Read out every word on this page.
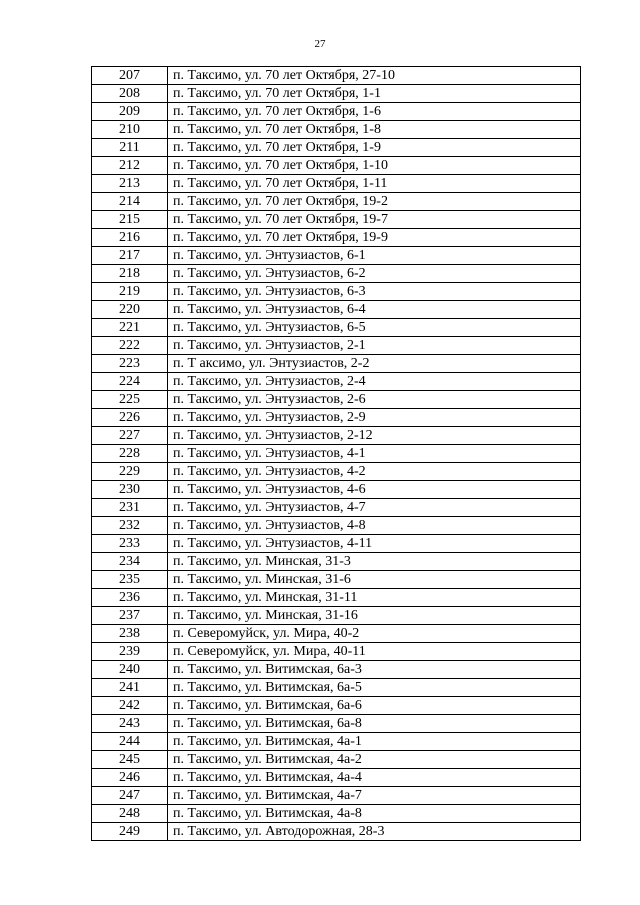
27
207	п. Таксимо, ул. 70 лет Октября, 27-10
208	п. Таксимо, ул. 70 лет Октября, 1-1
209	п. Таксимо, ул. 70 лет Октября, 1-6
210	п. Таксимо, ул. 70 лет Октября, 1-8
211	п. Таксимо, ул. 70 лет Октября, 1-9
212	п. Таксимо, ул. 70 лет Октября, 1-10
213	п. Таксимо, ул. 70 лет Октября, 1-11
214	п. Таксимо, ул. 70 лет Октября, 19-2
215	п. Таксимо, ул. 70 лет Октября, 19-7
216	п. Таксимо, ул. 70 лет Октября, 19-9
217	п. Таксимо, ул. Энтузиастов, 6-1
218	п. Таксимо, ул. Энтузиастов, 6-2
219	п. Таксимо, ул. Энтузиастов, 6-3
220	п. Таксимо, ул. Энтузиастов, 6-4
221	п. Таксимо, ул. Энтузиастов, 6-5
222	п. Таксимо, ул. Энтузиастов, 2-1
223	п. Т аксимо, ул. Энтузиастов, 2-2
224	п. Таксимо, ул. Энтузиастов, 2-4
225	п. Таксимо, ул. Энтузиастов, 2-6
226	п. Таксимо, ул. Энтузиастов, 2-9
227	п. Таксимо, ул. Энтузиастов, 2-12
228	п. Таксимо, ул. Энтузиастов, 4-1
229	п. Таксимо, ул. Энтузиастов, 4-2
230	п. Таксимо, ул. Энтузиастов, 4-6
231	п. Таксимо, ул. Энтузиастов, 4-7
232	п. Таксимо, ул. Энтузиастов, 4-8
233	п. Таксимо, ул. Энтузиастов, 4-11
234	п. Таксимо, ул. Минская, 31-3
235	п. Таксимо, ул. Минская, 31-6
236	п. Таксимо, ул. Минская, 31-11
237	п. Таксимо, ул. Минская, 31-16
238	п. Северомуйск, ул. Мира, 40-2
239	п. Северомуйск, ул. Мира, 40-11
240	п. Таксимо, ул. Витимская, 6а-3
241	п. Таксимо, ул. Витимская, 6а-5
242	п. Таксимо, ул. Витимская, 6а-6
243	п. Таксимо, ул. Витимская, 6а-8
244	п. Таксимо, ул. Витимская, 4а-1
245	п. Таксимо, ул. Витимская, 4а-2
246	п. Таксимо, ул. Витимская, 4а-4
247	п. Таксимо, ул. Витимская, 4а-7
248	п. Таксимо, ул. Витимская, 4а-8
249	п. Таксимо, ул. Автодорожная, 28-3
